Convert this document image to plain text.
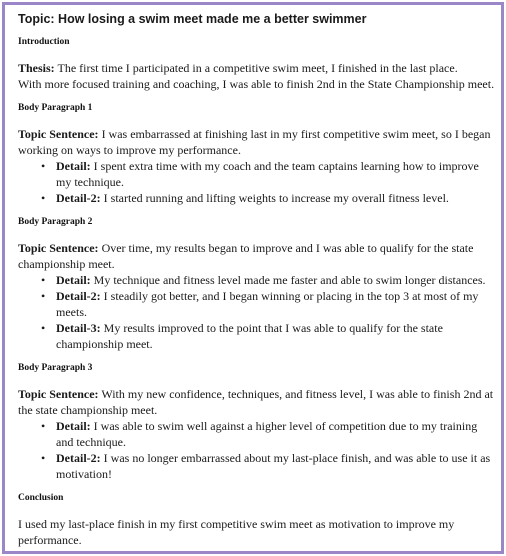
Topic: How losing a swim meet made me a better swimmer
Introduction
Thesis: The first time I participated in a competitive swim meet, I finished in the last place.
With more focused training and coaching, I was able to finish 2nd in the State Championship meet.
Body Paragraph 1
Topic Sentence: I was embarrassed at finishing last in my first competitive swim meet, so I began working on ways to improve my performance.
• Detail: I spent extra time with my coach and the team captains learning how to improve my technique.
• Detail-2: I started running and lifting weights to increase my overall fitness level.
Body Paragraph 2
Topic Sentence: Over time, my results began to improve and I was able to qualify for the state championship meet.
• Detail: My technique and fitness level made me faster and able to swim longer distances.
• Detail-2: I steadily got better, and I began winning or placing in the top 3 at most of my meets.
• Detail-3: My results improved to the point that I was able to qualify for the state championship meet.
Body Paragraph 3
Topic Sentence: With my new confidence, techniques, and fitness level, I was able to finish 2nd at the state championship meet.
• Detail: I was able to swim well against a higher level of competition due to my training and technique.
• Detail-2: I was no longer embarrassed about my last-place finish, and was able to use it as motivation!
Conclusion
I used my last-place finish in my first competitive swim meet as motivation to improve my performance.
